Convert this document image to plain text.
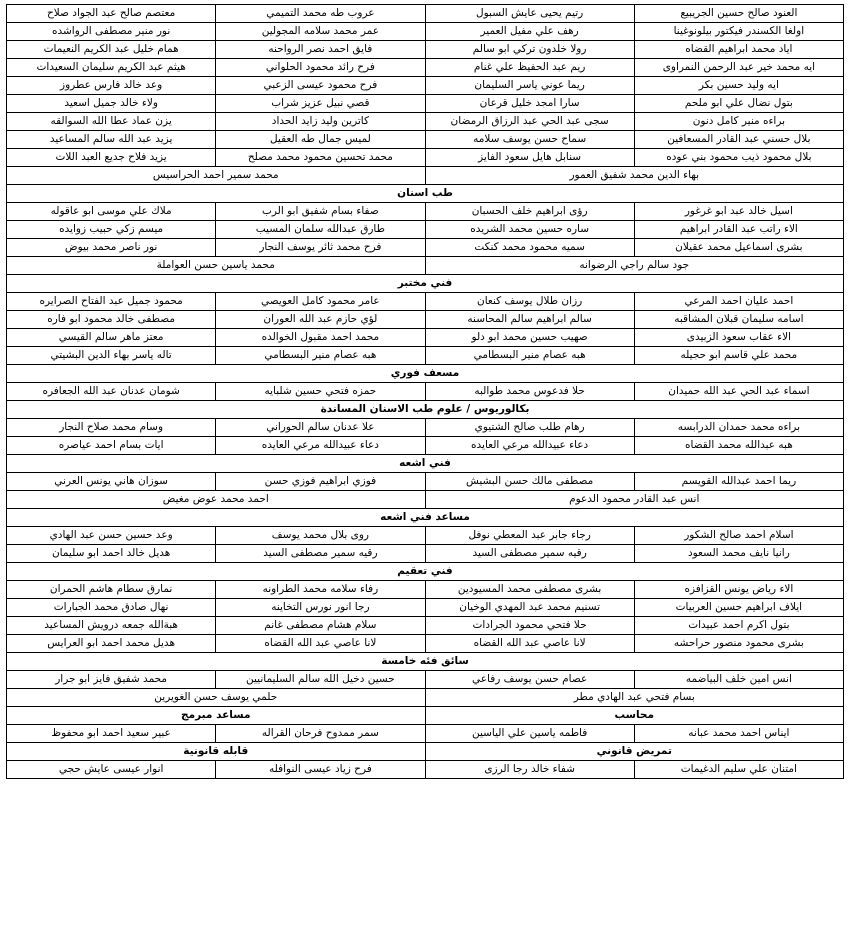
العنود صالح حسين الجريبيع	رتيم يحيى عايش السبول	عروب طه محمد التميمي	معتصم صالح عبد الجواد صلاح
اولغا الكسندر فيكتور بيلونوغينا	رهف علي مفيل العمير	عمر محمد سلامه المجولين	نور منير مصطفى الرواشده
اياد محمد ابراهيم القضاه	رولا خلدون تركي ابو سالم	فايق احمد نصر الرواحنه	همام خليل عبد الكريم النعيمات
ايه محمد خير عبد الرحمن النمراوى	ريم عبد الحفيظ علي غنام	فرح رائد محمود الحلواني	هيثم عبد الكريم سليمان السعيدات
ايه وليد حسين بكر	ريما عوني ياسر السليمان	فرح محمود عيسى الزعبي	وعد خالد فارس عطروز
بتول نضال علي ابو ملحم	سارا امجد خليل قرعان	قصي نبيل عزيز شراب	ولاء خالد جميل اسعيد
براءه منير كامل دنون	سجى عبد الحي عبد الرزاق الرمضان	كاترين وليد زايد الحداد	يزن عماد عطا الله السوالقه
بلال حسني عبد القادر المسعافين	سماح حسن يوسف سلامه	لميس جمال طه العقيل	يزيد عبد الله سالم المساعيد
بلال محمود ذيب محمود بني عوده	سنابل هايل سعود الفايز	محمد تحسين محمود محمد مصلح	يزيد فلاح جديع العبد اللات
بهاء الدين محمد شفيق العمور		محمد سمير احمد الحراسيس	
طب اسنان			
اسيل خالد عبد ابو غرغور	رؤى ابراهيم خلف الحسبان	صفاء بسام شفيق ابو الرب	ملاك علي موسى ابو عاقوله
الاء راتب عبد القادر ابراهيم	ساره حسين محمد الشريده	طارق عبدالله سلمان المسيب	ميسم زكي حبيب زوايده
بشرى اسماعيل محمد عقيلان	سميه محمود محمد كنكت	فرح محمد ثائر يوسف النجار	نور ناصر محمد بيوض
جود سالم راجي الرضوانه		محمد ياسين حسن العواملة	
فني مختبر			
احمد عليان احمد المرعي	رزان طلال يوسف كنعان	عامر محمود كامل العويصي	محمود جميل عبد الفتاح الصرايره
اسامه سليمان قبلان المشاقبه	سالم ابراهيم سالم المحاسنه	لؤي حازم عبد الله العوران	مصطفى خالد محمود ابو فاره
الاء عقاب سعود الزبيدى	صهيب حسين محمد ابو دلو	محمد احمد مقبول الخوالده	معتز ماهر سالم القيسي
محمد علي قاسم ابو حجيله	هبه عصام منير البسطامي	هبه عصام منير البسطامي	تاله ياسر بهاء الدين البشيتي
مسعف فوري			
اسماء عبد الحي عبد الله حميدان	حلا فدعوس محمد طوالبه	حمزه فتحي حسين شلبايه	شومان عدنان عبد الله الجعافره
بكالوريوس / علوم طب الاسنان المساندة			
براءه محمد حمدان الدرابسه	رهام طلب صالح الشتيوي	علا عدنان سالم الحوراني	وسام محمد صلاح النجار
هبه عبدالله محمد القضاه	دعاء عبيدالله مرعي العايده	دعاء عبيدالله مرعي العايده	ايات بسام احمد عياصره
فني اشعه			
ريما احمد عبدالله القويسم	مصطفى مالك حسن البشيش	فوزي ابراهيم فوزي حسن	سوزان هاني يونس العرني
انس عبد القادر محمود الدعوم		احمد محمد عوض مغيض	
مساعد فني اشعه			
اسلام احمد صالح الشكور	رجاء جابر عبد المعطي نوفل	روى بلال محمد يوسف	وعد حسين حسن عبد الهادي
رانيا نايف محمد السعود	رقيه سمير مصطفى السيد	رقيه سمير مصطفى السيد	هديل خالد احمد ابو سليمان
فني تعقيم			
الاء رياض يونس القزافزه	بشرى مصطفى محمد المسيودين	رفاء سلامه محمد الطراونه	نمارق سطام هاشم الحمران
ايلاف ابراهيم حسين العربيات	تسنيم محمد عبد المهدي الوخيان	رجا انور نورس التخاينه	نهال صادق محمد الجبارات
بتول اكرم احمد عبيدات	حلا فتحي محمود الجرادات	سلام هشام مصطفى غانم	هبةالله جمعه درويش المساعيد
بشرى محمود منصور حراحشه	لانا عاصي عبد الله القضاه	لانا عاصي عبد الله القضاه	هديل محمد احمد ابو العرايس
سائق فئه خامسة			
انس امين خلف البياضمه	عصام حسن يوسف رفاعي	حسين دخيل الله سالم السليمانيين	محمد شفيق فايز ابو جرار
بسام فتحي عبد الهادي مطر		حلمي يوسف حسن الغويرين	
محاسب		مساعد مبرمج	
ايناس احمد محمد عبانه	فاطمه ياسين علي الياسين	سمر ممدوح فرحان القراله	عبير سعيد احمد ابو محفوظ
تمريض قانوني		قابله قانونية	
امتنان علي سليم الدغيمات	شفاء خالد رجا الرزى	فرح زياد عيسى النوافله	انوار عيسى عايش حجي
